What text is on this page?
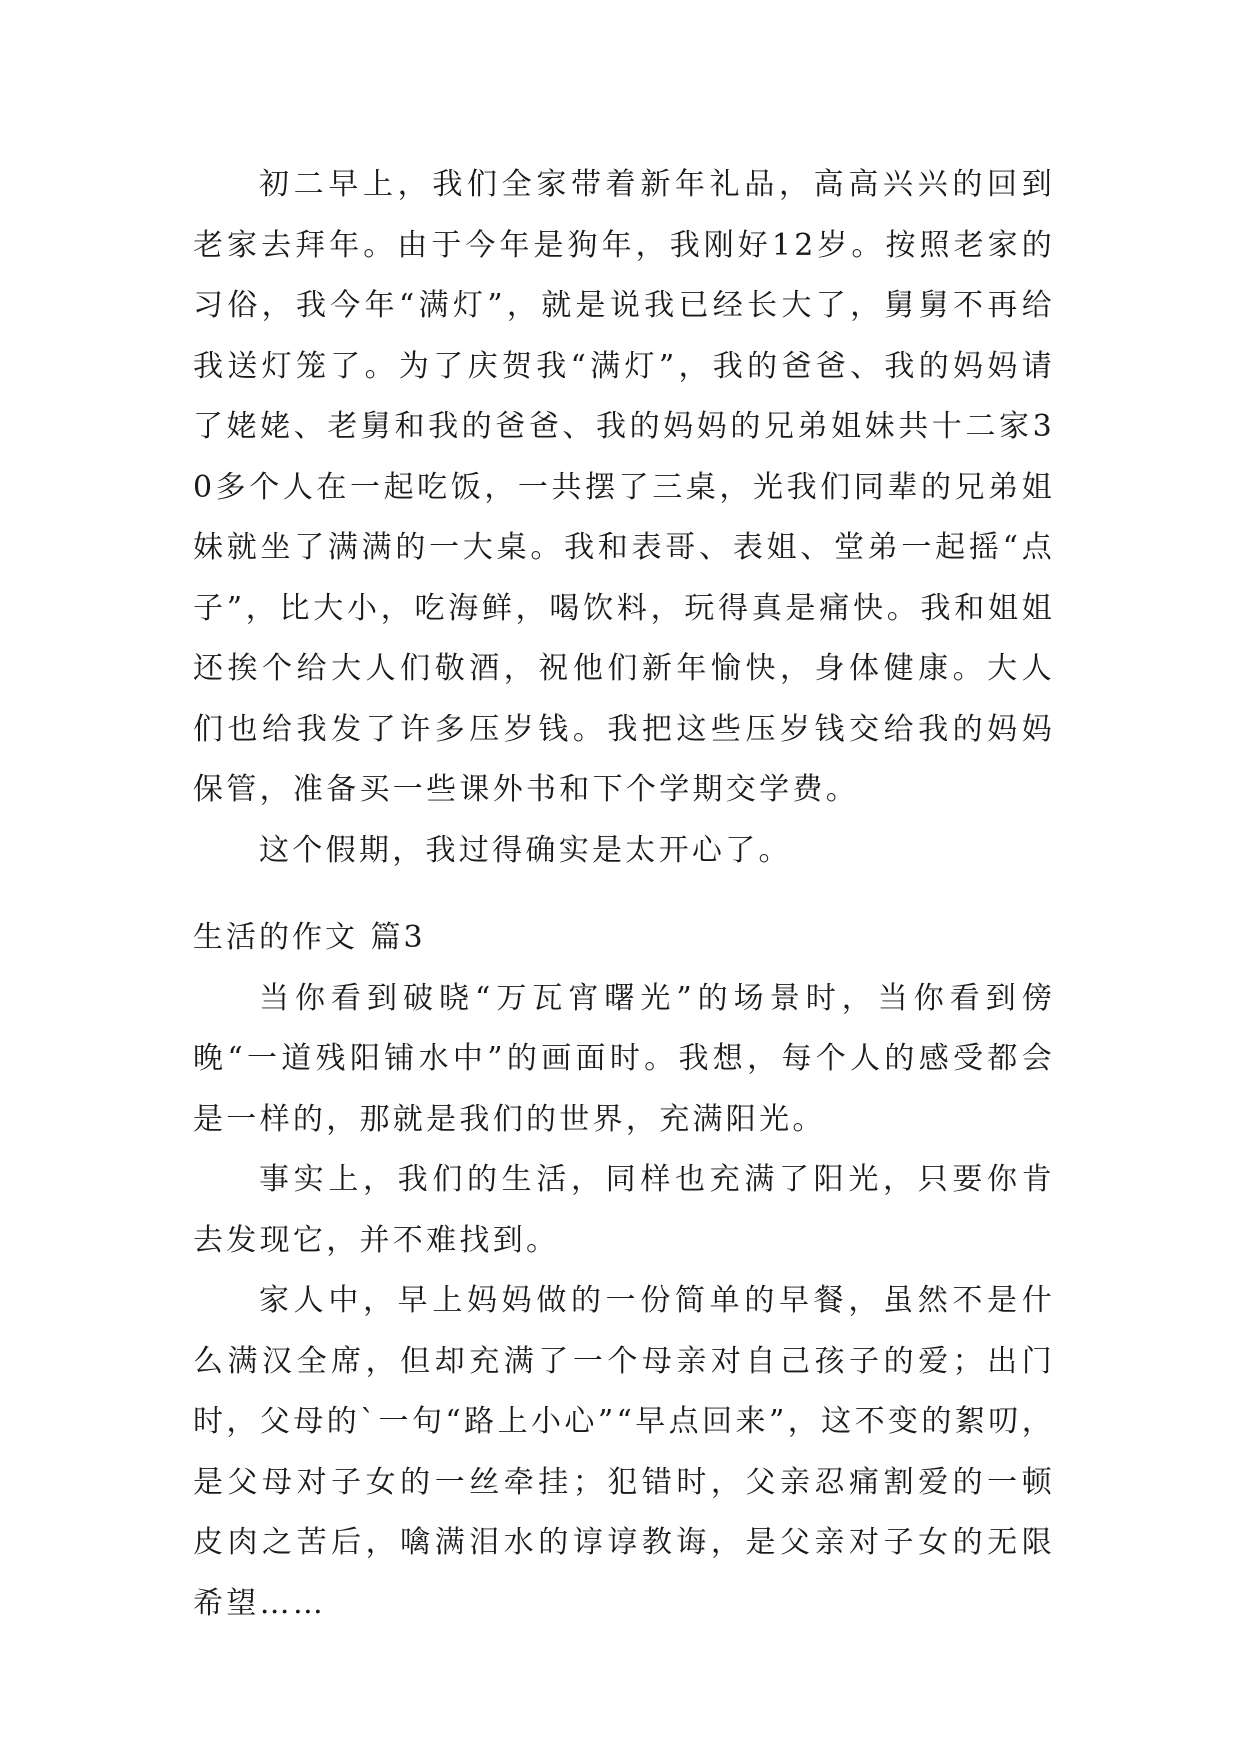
初二早上，我们全家带着新年礼品，高高兴兴的回到老家去拜年。由于今年是狗年，我刚好12岁。按照老家的习俗，我今年“满灯”，就是说我已经长大了，舅舅不再给我送灯笼了。为了庆贺我“满灯”，我的爸爸、我的妈妈请了姥姥、老舅和我的爸爸、我的妈妈的兄弟姐妹共十二家30多个人在一起吃饭，一共摆了三桌，光我们同辈的兄弟姐妹就坐了满满的一大桌。我和表哥、表姐、堂弟一起摇“点子”，比大小，吃海鲜，喝饮料，玩得真是痛快。我和姐姐还挨个给大人们敬酒，祝他们新年愉快，身体健康。大人们也给我发了许多压岁钱。我把这些压岁钱交给我的妈妈保管，准备买一些课外书和下个学期交学费。

这个假期，我过得确实是太开心了。

生活的作文 篇3

当你看到破晓“万瓦宵曙光”的场景时，当你看到傍晚“一道残阳铺水中”的画面时。我想，每个人的感受都会是一样的，那就是我们的世界，充满阳光。

事实上，我们的生活，同样也充满了阳光，只要你肯去发现它，并不难找到。

家人中，早上妈妈做的一份简单的早餐，虽然不是什么满汉全席，但却充满了一个母亲对自己孩子的爱；出门时，父母的`一句“路上小心”“早点回来”，这不变的絮叨，是父母对子女的一丝牵挂；犯错时，父亲忍痛割爱的一顿皮肉之苦后，噙满泪水的谆谆教诲，是父亲对子女的无限希望……
